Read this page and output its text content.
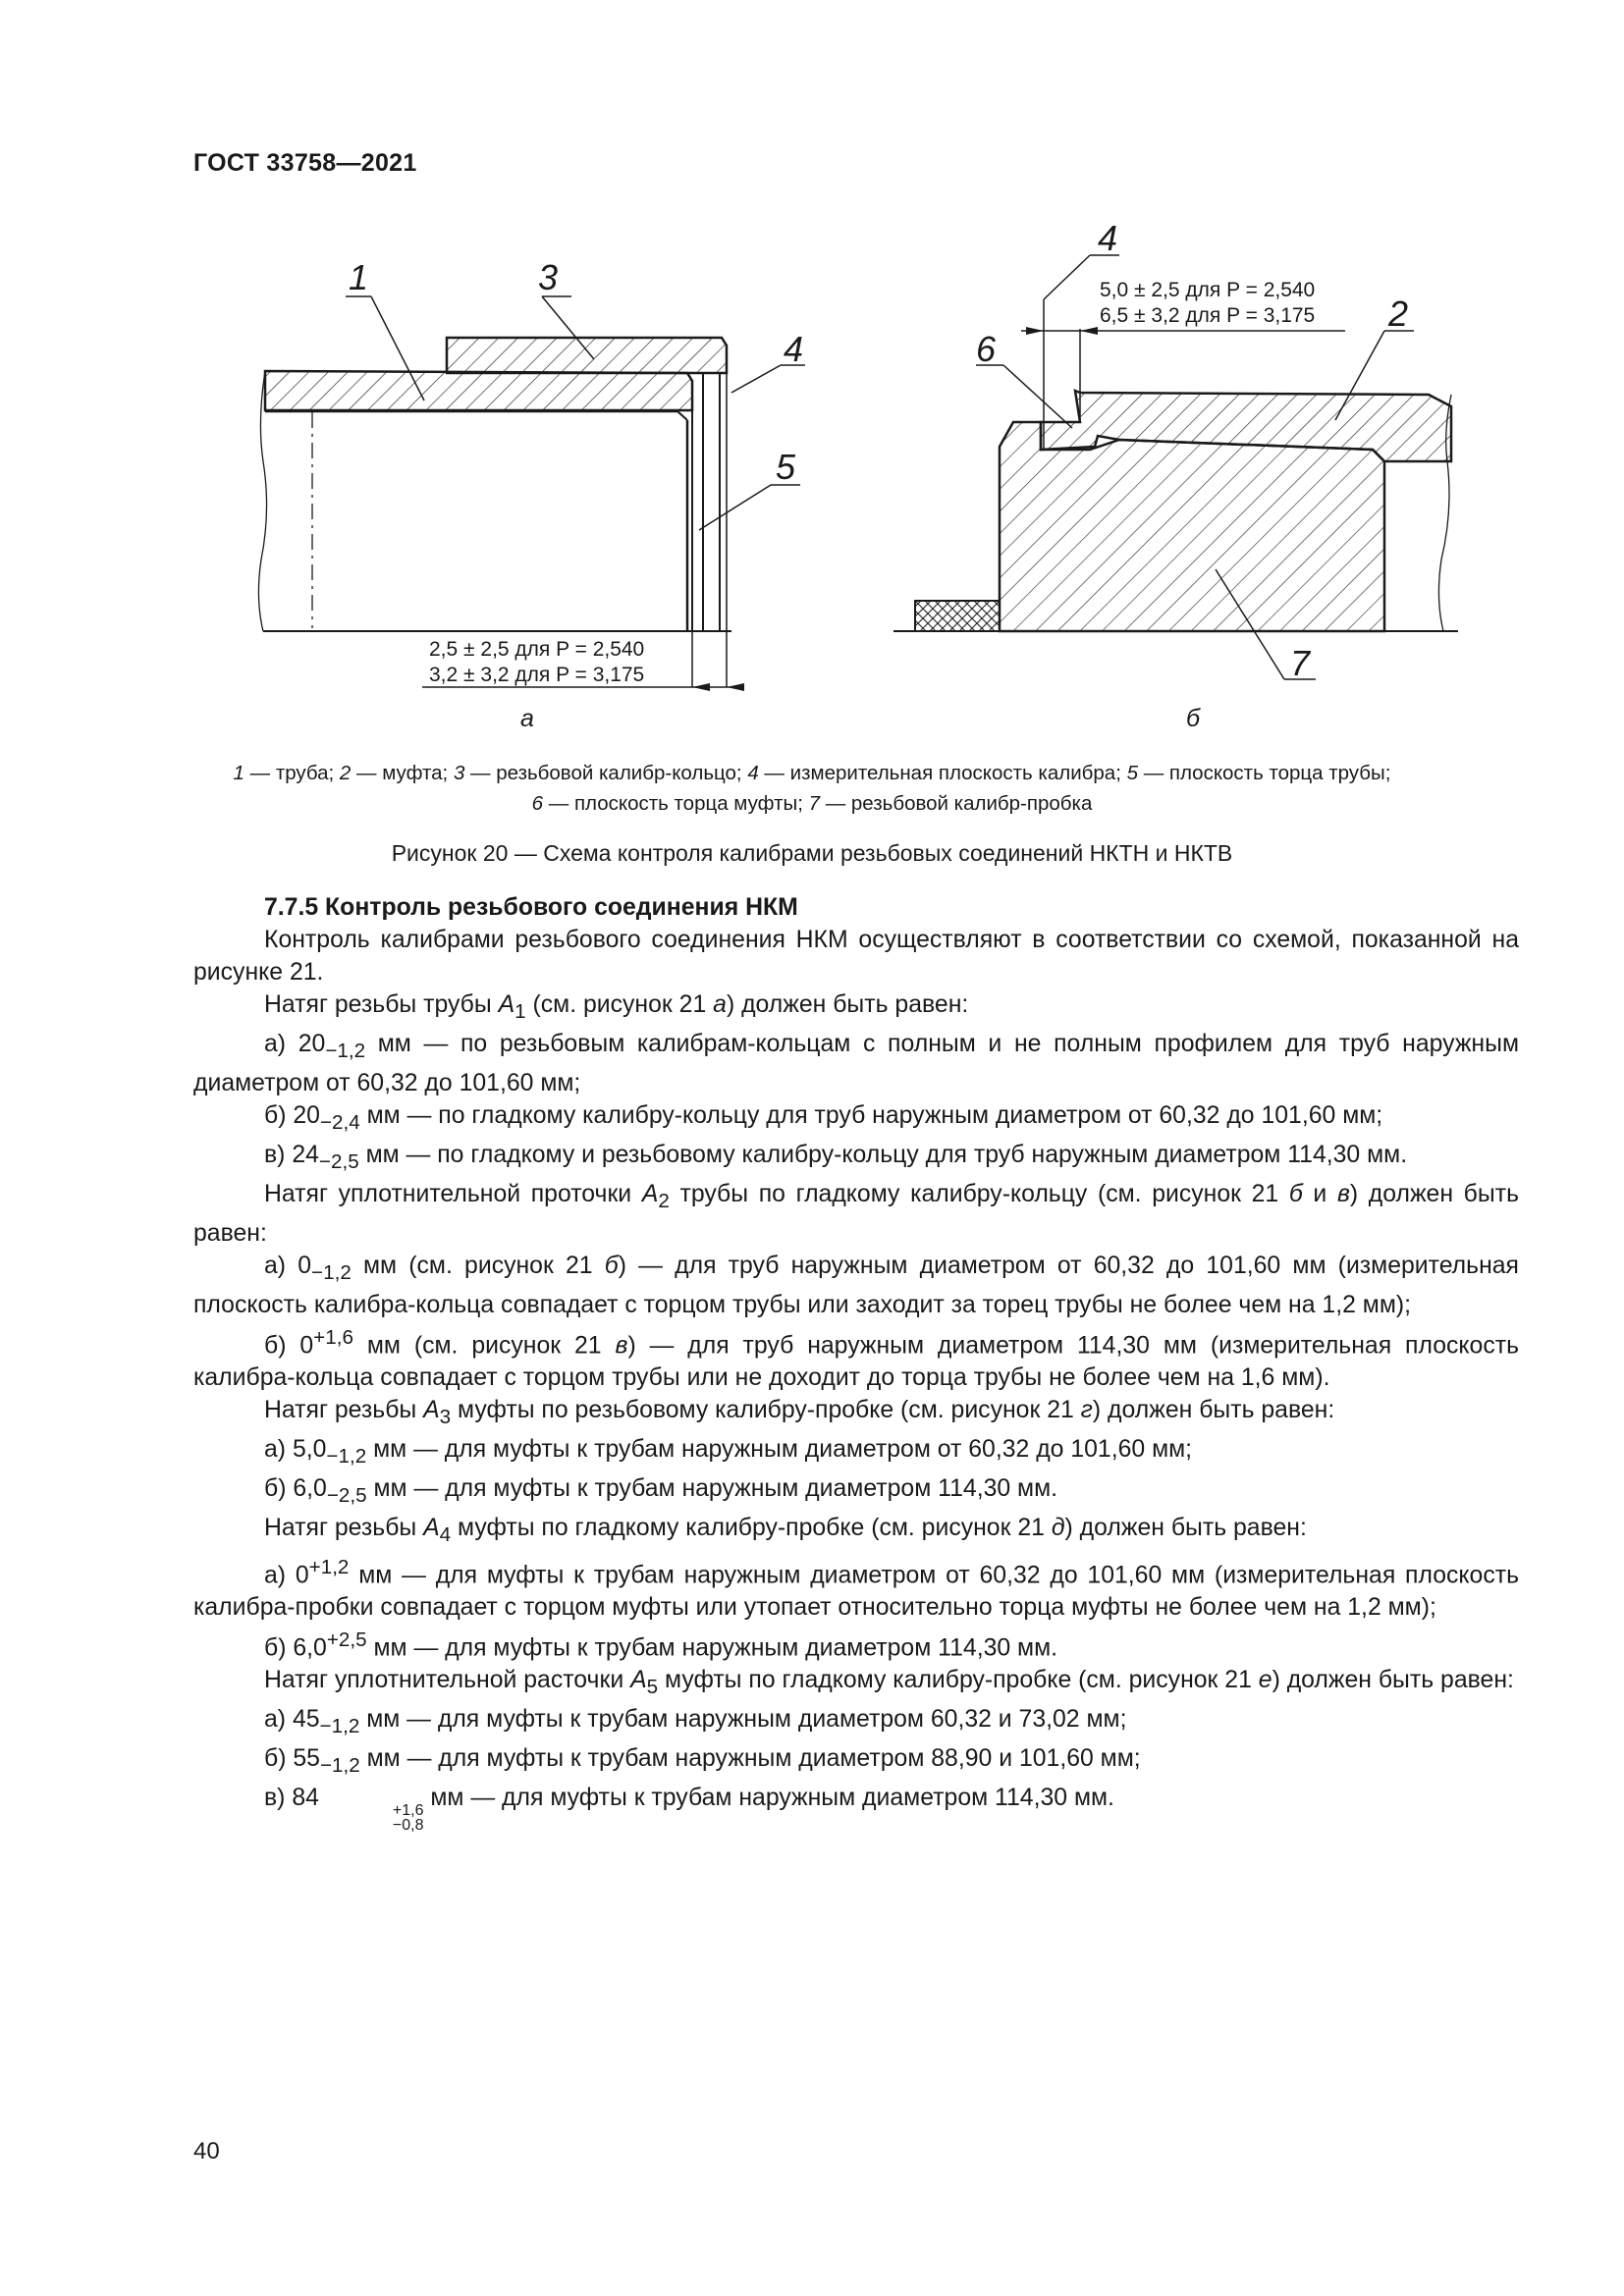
ГОСТ 33758—2021
1	3
4
5
2,5 ± 2,5 для P = 2,540
3,2 ± 3,2 для P = 3,175
а
4
2
6
7
5,0 ± 2,5 для P = 2,540
6,5 ± 3,2 для P = 3,175
б
1 — труба; 2 — муфта; 3 — резьбовой калибр-кольцо; 4 — измерительная плоскость калибра; 5 — плоскость торца трубы;
6 — плоскость торца муфты; 7 — резьбовой калибр-пробка
Рисунок 20 — Схема контроля калибрами резьбовых соединений НКТН и НКТВ

7.7.5 Контроль резьбового соединения НКМ

Контроль калибрами резьбового соединения НКМ осуществляют в соответствии со схемой, показанной на рисунке 21.

Натяг резьбы трубы $A_1$ (см. рисунок 21 а) должен быть равен:

а) $20_{-1,2}$ мм — по резьбовым калибрам-кольцам с полным и не полным профилем для труб наружным диаметром от 60,32 до 101,60 мм;

б) $20_{-2,4}$ мм — по гладкому калибру-кольцу для труб наружным диаметром от 60,32 до 101,60 мм;

в) $24_{-2,5}$ мм — по гладкому и резьбовому калибру-кольцу для труб наружным диаметром 114,30 мм.

Натяг уплотнительной проточки $A_2$ трубы по гладкому калибру-кольцу (см. рисунок 21 б и в) должен быть равен:

а) $0_{-1,2}$ мм (см. рисунок 21 б) — для труб наружным диаметром от 60,32 до 101,60 мм (измерительная плоскость калибра-кольца совпадает с торцом трубы или заходит за торец трубы не более чем на 1,2 мм);

б) $0^{+1,6}$ мм (см. рисунок 21 в) — для труб наружным диаметром 114,30 мм (измерительная плоскость калибра-кольца совпадает с торцом трубы или не доходит до торца трубы не более чем на 1,6 мм).

Натяг резьбы $A_3$ муфты по резьбовому калибру-пробке (см. рисунок 21 г) должен быть равен:

а) $5,0_{-1,2}$ мм — для муфты к трубам наружным диаметром от 60,32 до 101,60 мм;

б) $6,0_{-2,5}$ мм — для муфты к трубам наружным диаметром 114,30 мм.

Натяг резьбы $A_4$ муфты по гладкому калибру-пробке (см. рисунок 21 д) должен быть равен:

а) $0^{+1,2}$ мм — для муфты к трубам наружным диаметром от 60,32 до 101,60 мм (измерительная плоскость калибра-пробки совпадает с торцом муфты или утопает относительно торца муфты не более чем на 1,2 мм);

б) $6,0^{+2,5}$ мм — для муфты к трубам наружным диаметром 114,30 мм.

Натяг уплотнительной расточки $A_5$ муфты по гладкому калибру-пробке (см. рисунок 21 е) должен быть равен:

а) $45_{-1,2}$ мм — для муфты к трубам наружным диаметром 60,32 и 73,02 мм;

б) $55_{-1,2}$ мм — для муфты к трубам наружным диаметром 88,90 и 101,60 мм;

в) 84	+1,6
−0,8
мм — для муфты к трубам наружным диаметром 114,30 мм.

40
